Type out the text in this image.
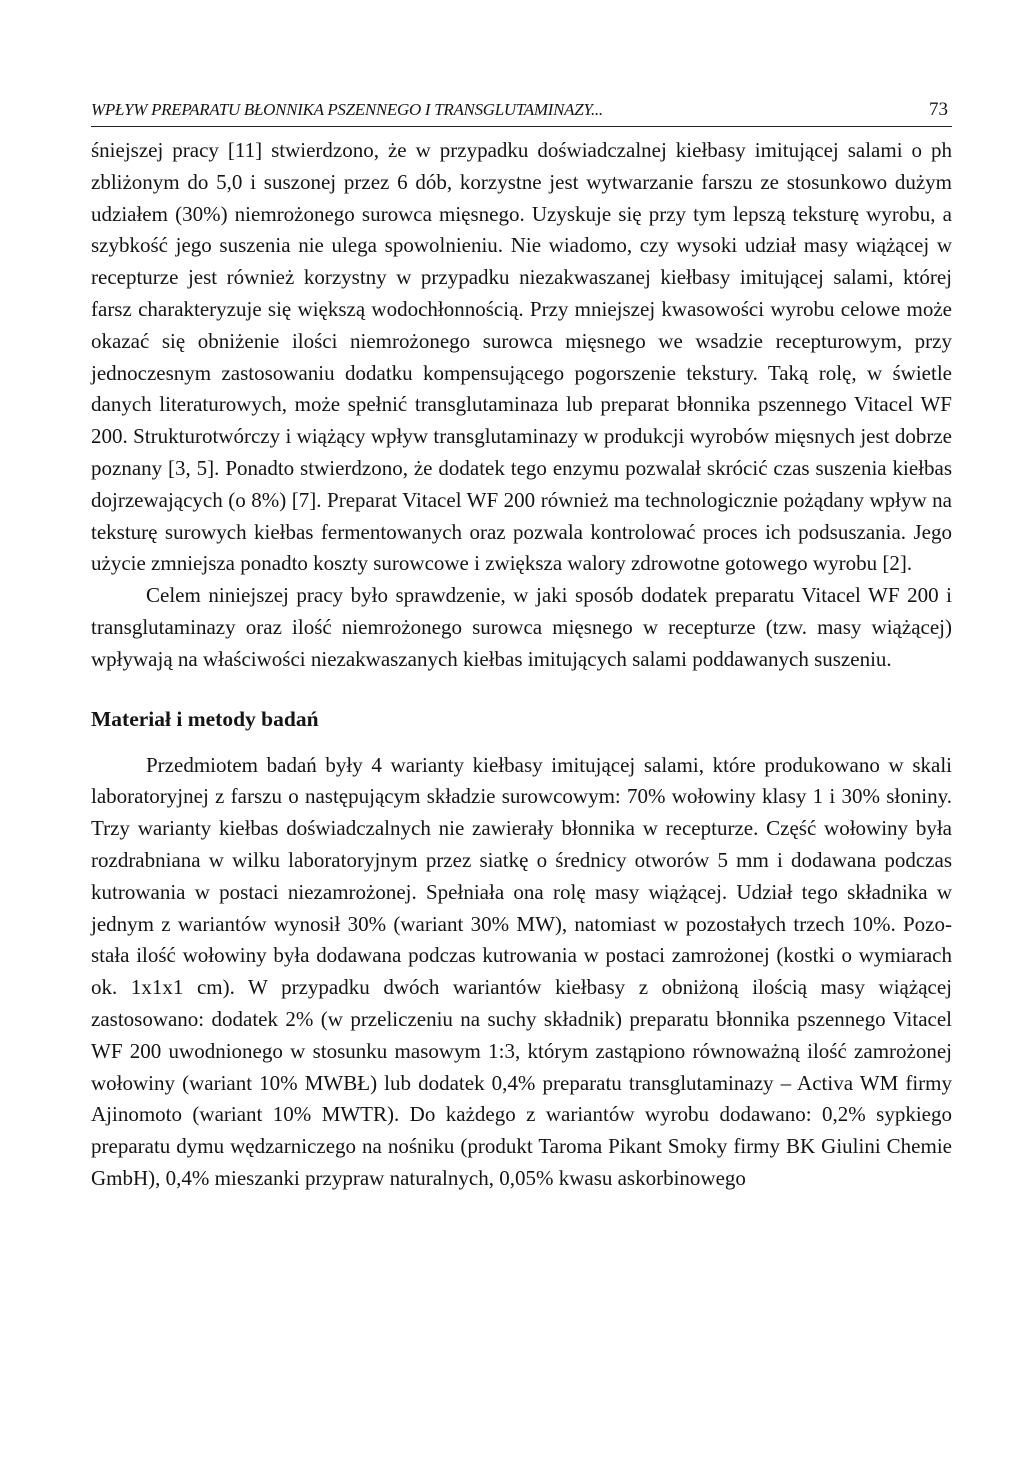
WPŁYW PREPARATU BŁONNIKA PSZENNEGO I TRANSGLUTAMINAZY...	73

śniejszej pracy [11] stwierdzono, że w przypadku doświadczalnej kiełbasy imitującej salami o ph zbliżonym do 5,0 i suszonej przez 6 dób, korzystne jest wytwarzanie farszu ze stosunkowo dużym udziałem (30%) niemrożonego surowca mięsnego. Uzyskuje się przy tym lepszą teksturę wyrobu, a szybkość jego suszenia nie ulega spowolnieniu. Nie wiadomo, czy wysoki udział masy wiążącej w recepturze jest również korzystny w przypadku niezakwaszanej kiełbasy imitującej salami, której farsz charakteryzuje się większą wodochłonnością. Przy mniejszej kwasowości wyrobu celowe może okazać się obniżenie ilości niemrożonego surowca mięsnego we wsadzie recepturowym, przy jednoczesnym zastosowaniu dodatku kompensującego pogorszenie tekstury. Taką rolę, w świetle danych literaturowych, może spełnić transglutaminaza lub preparat błonnika pszennego Vitacel WF 200. Strukturotwórczy i wiążący wpływ transglutaminazy w produkcji wyrobów mięsnych jest dobrze poznany [3, 5]. Ponadto stwierdzono, że dodatek tego enzymu pozwalał skrócić czas suszenia kiełbas dojrzewających (o 8%) [7]. Preparat Vitacel WF 200 również ma technologicznie pożądany wpływ na teksturę surowych kiełbas fermentowanych oraz pozwala kontrolować proces ich podsuszania. Jego użycie zmniejsza ponadto koszty surowcowe i zwiększa walory zdrowotne gotowego wyrobu [2].

Celem niniejszej pracy było sprawdzenie, w jaki sposób dodatek preparatu Vitacel WF 200 i transglutaminazy oraz ilość niemrożonego surowca mięsnego w recepturze (tzw. masy wiążącej) wpływają na właściwości niezakwaszanych kiełbas imitujących salami poddawanych suszeniu.

Materiał i metody badań

Przedmiotem badań były 4 warianty kiełbasy imitującej salami, które produkowano w skali laboratoryjnej z farszu o następującym składzie surowcowym: 70% wołowiny klasy 1 i 30% słoniny. Trzy warianty kiełbas doświadczalnych nie zawierały błonnika w recepturze. Część wołowiny była rozdrabniana w wilku laboratoryjnym przez siatkę o średnicy otworów 5 mm i dodawana podczas kutrowania w postaci niezamrożonej. Spełniała ona rolę masy wiążącej. Udział tego składnika w jednym z wariantów wynosił 30% (wariant 30% MW), natomiast w pozostałych trzech 10%. Pozostała ilość wołowiny była dodawana podczas kutrowania w postaci zamrożonej (kostki o wymiarach ok. 1x1x1 cm). W przypadku dwóch wariantów kiełbasy z obniżoną ilością masy wiążącej zastosowano: dodatek 2% (w przeliczeniu na suchy składnik) preparatu błonnika pszennego Vitacel WF 200 uwodnionego w stosunku masowym 1:3, którym zastąpiono równoważną ilość zamrożonej wołowiny (wariant 10% MWBŁ) lub dodatek 0,4% preparatu transglutaminazy – Activa WM firmy Ajinomoto (wariant 10% MWTR). Do każdego z wariantów wyrobu dodawano: 0,2% sypkiego preparatu dymu wędzarniczego na nośniku (produkt Taroma Pikant Smoky firmy BK Giulini Chemie GmbH), 0,4% mieszanki przypraw naturalnych, 0,05% kwasu askorbinowego
